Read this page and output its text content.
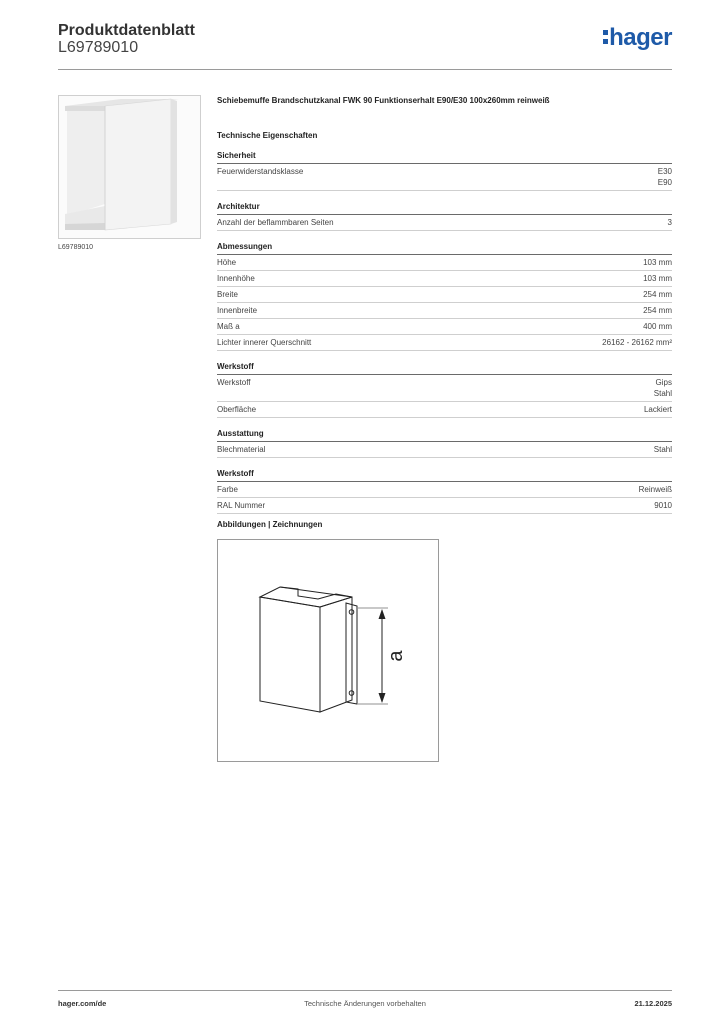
Produktdatenblatt
L69789010	hager
L69789010
Schiebemuffe Brandschutzkanal FWK 90 Funktionserhalt E90/E30 100x260mm reinweiß
Technische Eigenschaften
Sicherheit
Feuerwiderstandsklasse	E30
E90
Architektur
Anzahl der beflammbaren Seiten	3
Abmessungen
Höhe	103 mm
Innenhöhe	103 mm
Breite	254 mm
Innenbreite	254 mm
Maß a	400 mm
Lichter innerer Querschnitt	26162 - 26162 mm²
Werkstoff
Werkstoff	Gips
Stahl
Oberfläche	Lackiert
Ausstattung
Blechmaterial	Stahl
Werkstoff
Farbe	Reinweiß
RAL Nummer	9010
Abbildungen | Zeichnungen
a
hager.com/de	Technische Änderungen vorbehalten	21.12.2025
